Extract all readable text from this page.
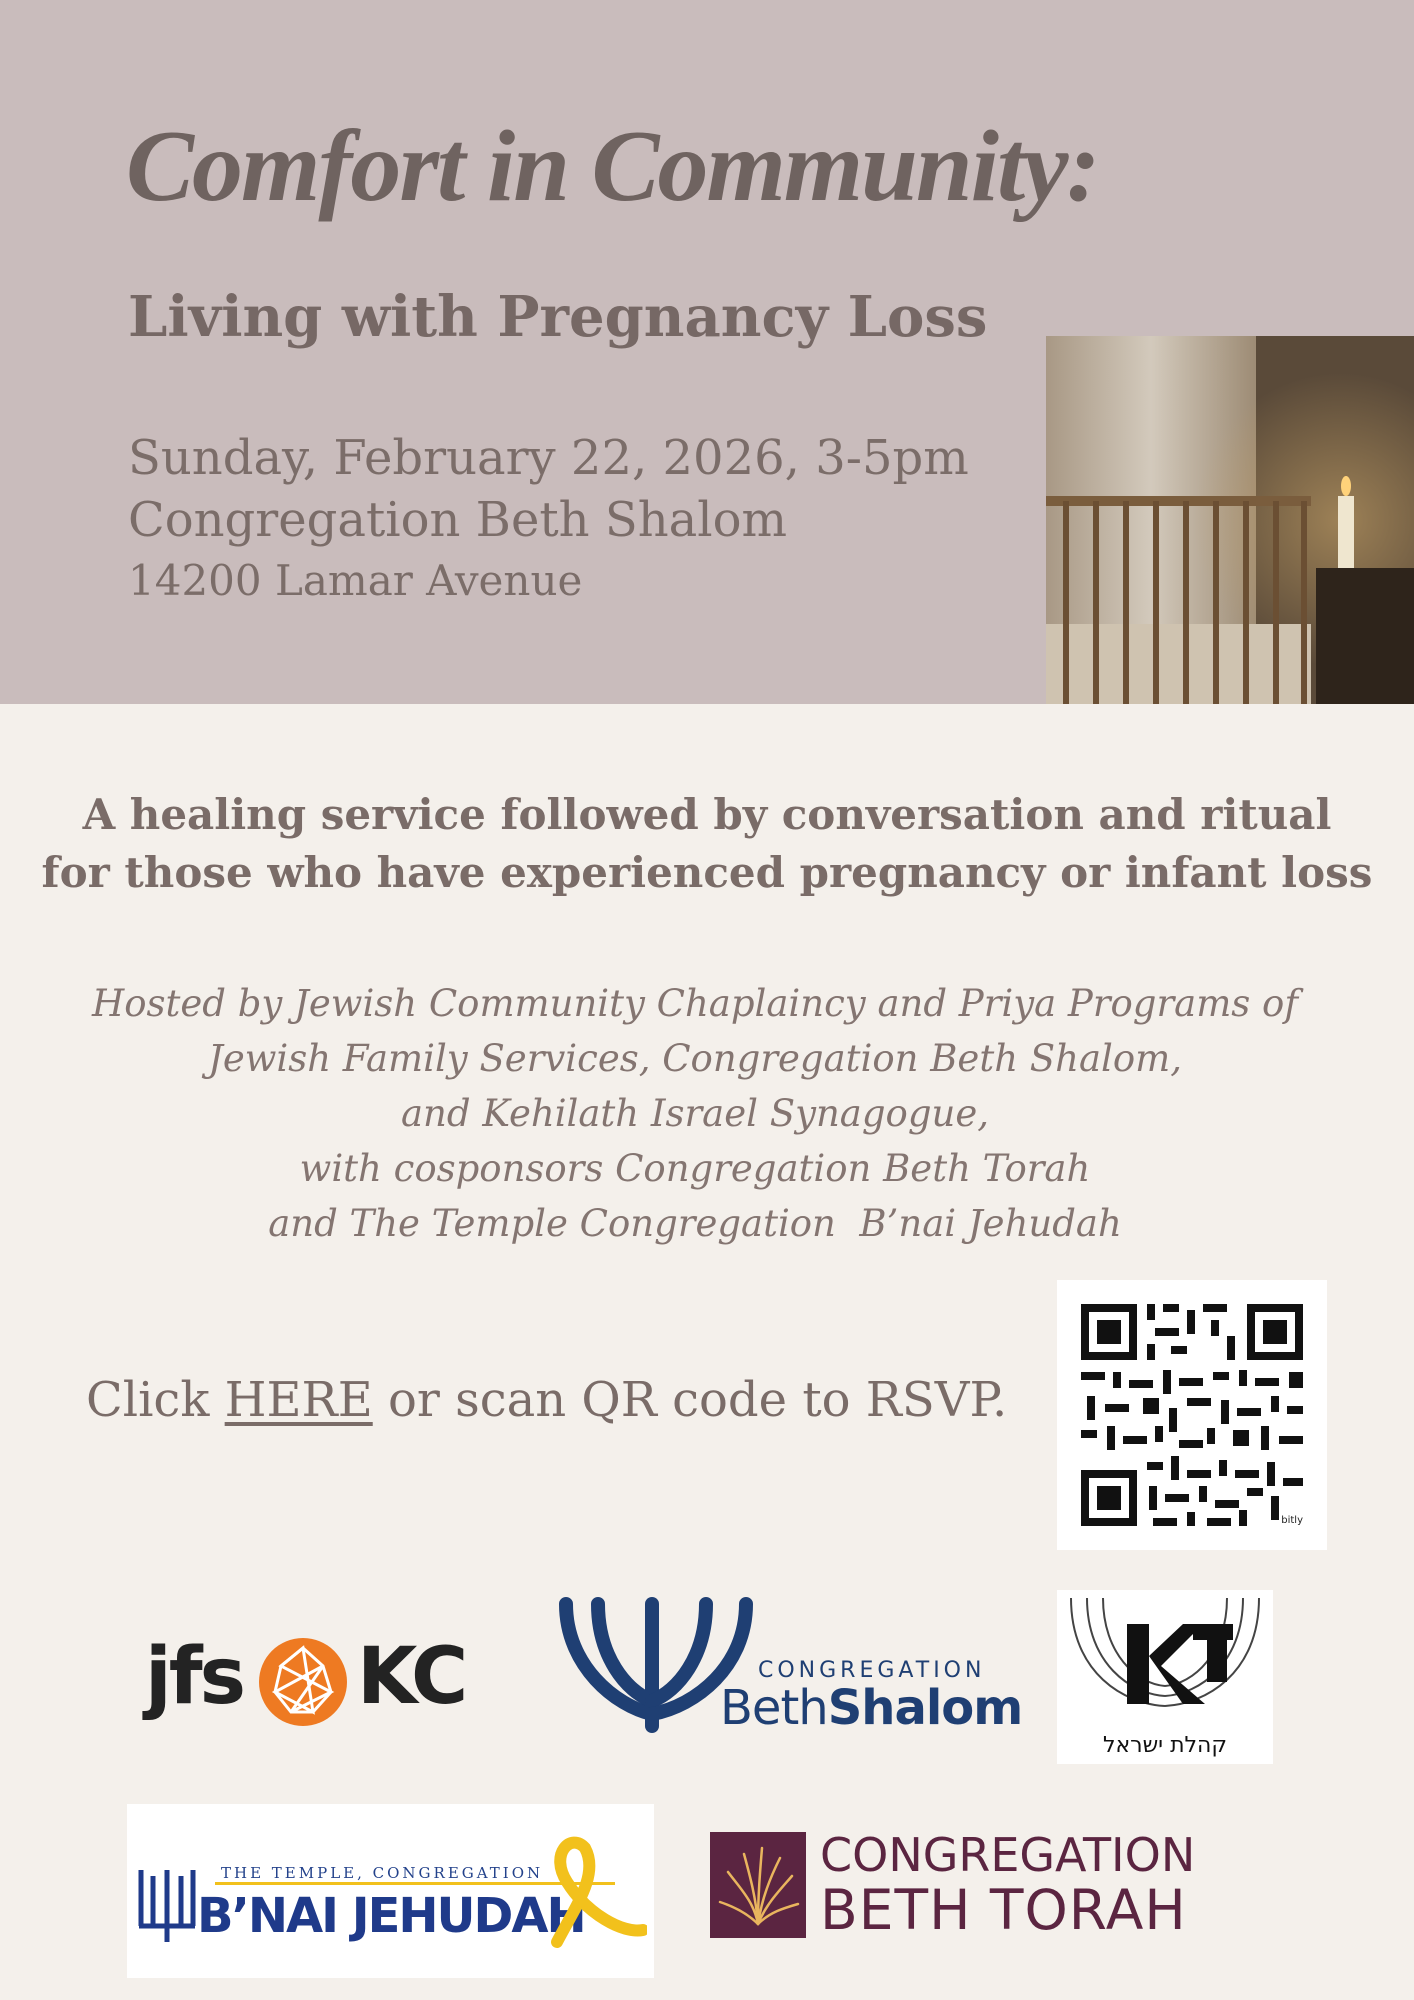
Comfort in Community:
Living with Pregnancy Loss
Sunday, February 22, 2026, 3-5pm
Congregation Beth Shalom
14200 Lamar Avenue
A healing service followed by conversation and ritual
for those who have experienced pregnancy or infant loss
Hosted by Jewish Community Chaplaincy and Priya Programs of
Jewish Family Services, Congregation Beth Shalom,
and Kehilath Israel Synagogue,
with cosponsors Congregation Beth Torah
and The Temple Congregation  B’nai Jehudah
Click HERE or scan QR code to RSVP.
bitly
jfs KC	CONGREGATION
BethShalom
קהלת ישראל
THE TEMPLE, CONGREGATION
B’NAI JEHUDAH
CONGREGATION
BETH TORAH
